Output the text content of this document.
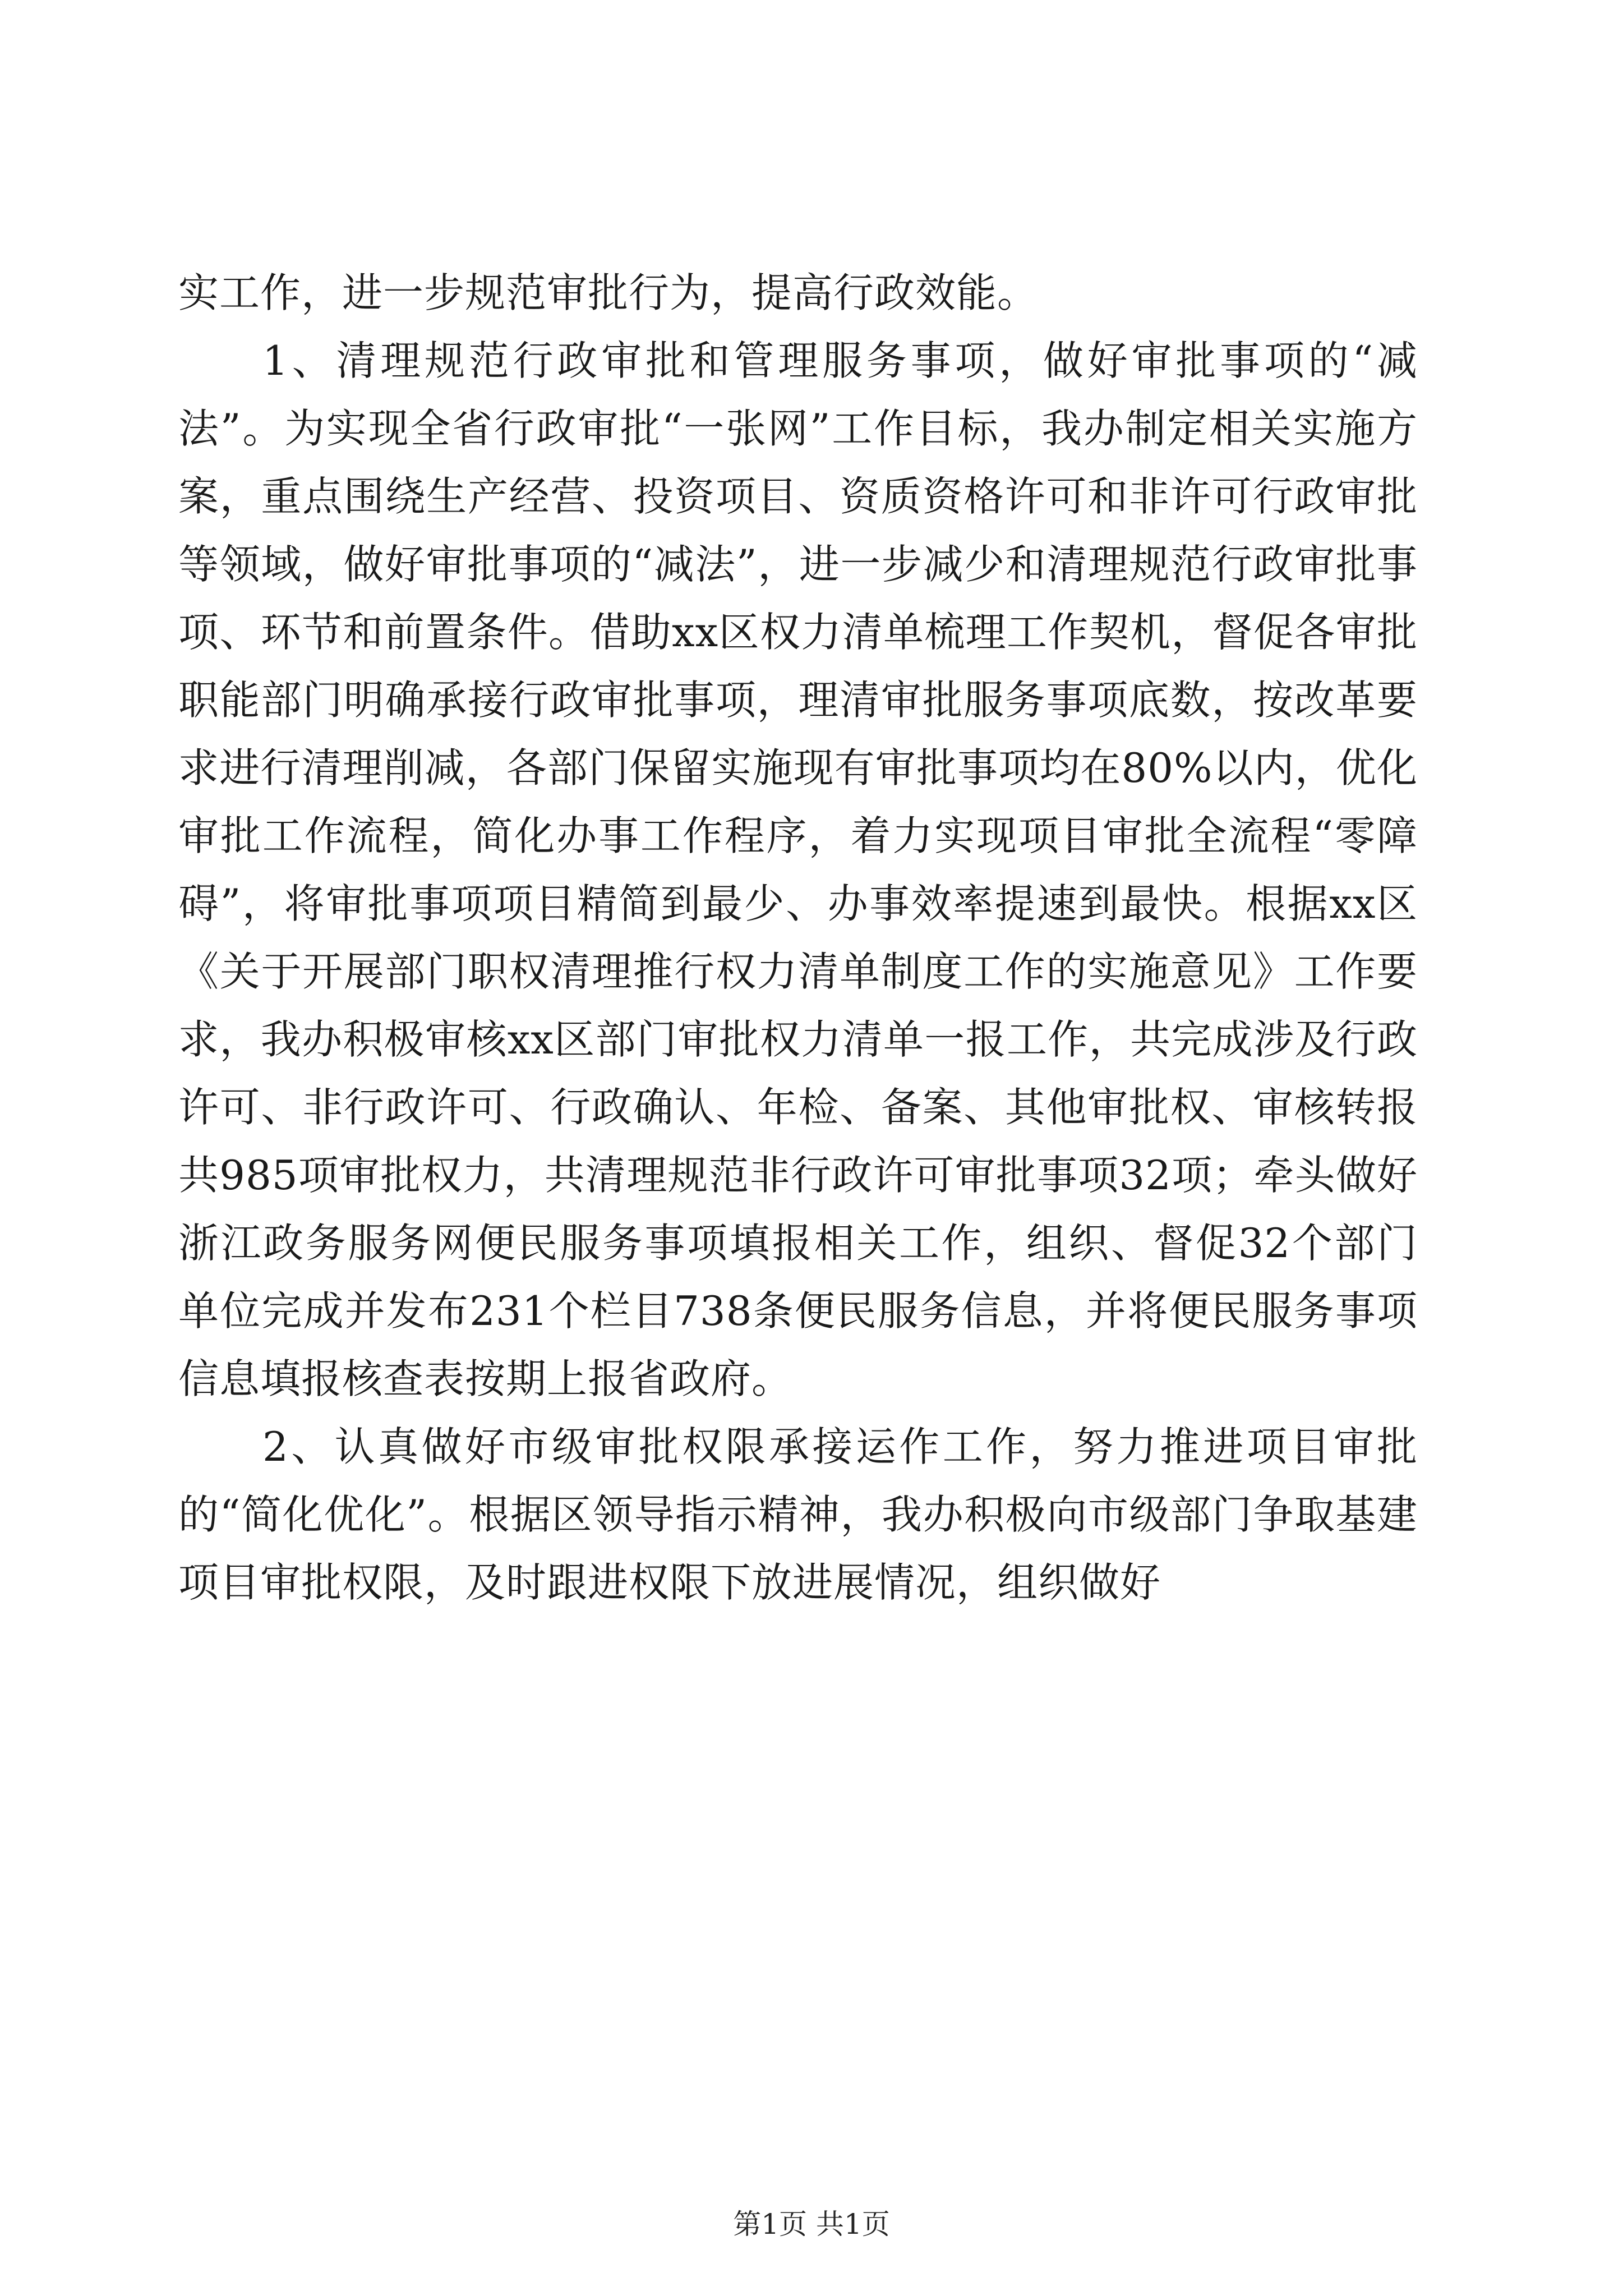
实工作，进一步规范审批行为，提高行政效能。

1、清理规范行政审批和管理服务事项，做好审批事项的“减法”。为实现全省行政审批“一张网”工作目标，我办制定相关实施方案，重点围绕生产经营、投资项目、资质资格许可和非许可行政审批等领域，做好审批事项的“减法”，进一步减少和清理规范行政审批事项、环节和前置条件。借助xx区权力清单梳理工作契机，督促各审批职能部门明确承接行政审批事项，理清审批服务事项底数，按改革要求进行清理削减，各部门保留实施现有审批事项均在80%以内，优化审批工作流程，简化办事工作程序，着力实现项目审批全流程“零障碍”，将审批事项项目精简到最少、办事效率提速到最快。根据xx区《关于开展部门职权清理推行权力清单制度工作的实施意见》工作要求，我办积极审核xx区部门审批权力清单一报工作，共完成涉及行政许可、非行政许可、行政确认、年检、备案、其他审批权、审核转报共985项审批权力，共清理规范非行政许可审批事项32项；牵头做好浙江政务服务网便民服务事项填报相关工作，组织、督促32个部门单位完成并发布231个栏目738条便民服务信息，并将便民服务事项信息填报核查表按期上报省政府。

2、认真做好市级审批权限承接运作工作，努力推进项目审批的“简化优化”。根据区领导指示精神，我办积极向市级部门争取基建项目审批权限，及时跟进权限下放进展情况，组织做好

第1页 共1页
